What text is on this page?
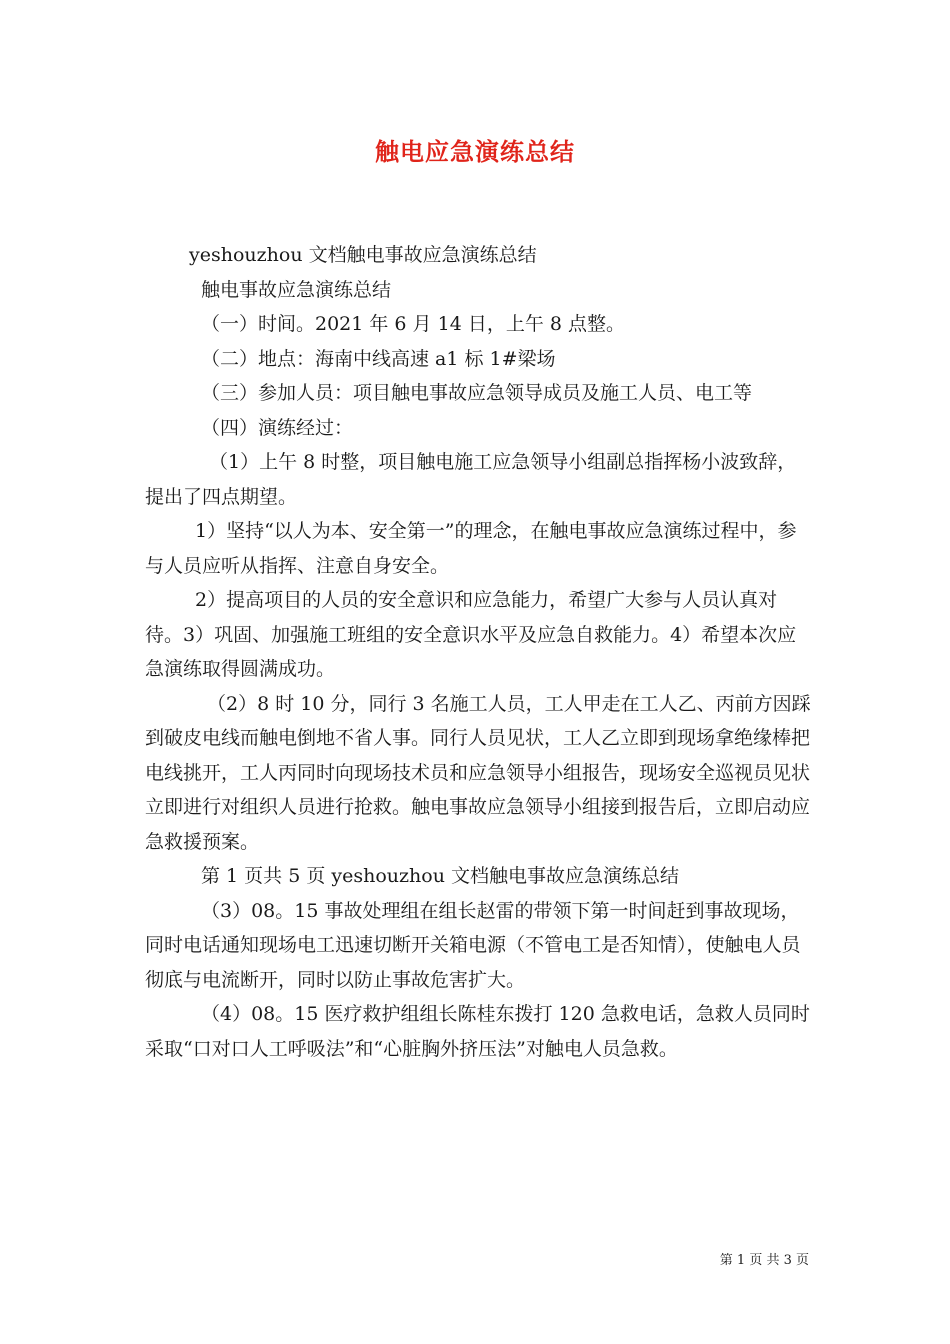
触电应急演练总结

yeshouzhou 文档触电事故应急演练总结

触电事故应急演练总结

（一）时间。2021 年 6 月 14 日，上午 8 点整。

（二）地点：海南中线高速 a1 标 1#梁场

（三）参加人员：项目触电事故应急领导成员及施工人员、电工等

（四）演练经过：

（1）上午 8 时整，项目触电施工应急领导小组副总指挥杨小波致辞，提出了四点期望。

1）坚持“以人为本、安全第一”的理念，在触电事故应急演练过程中，参与人员应听从指挥、注意自身安全。

2）提高项目的人员的安全意识和应急能力，希望广大参与人员认真对待。3）巩固、加强施工班组的安全意识水平及应急自救能力。4）希望本次应急演练取得圆满成功。

（2）8 时 10 分，同行 3 名施工人员，工人甲走在工人乙、丙前方因踩到破皮电线而触电倒地不省人事。同行人员见状，工人乙立即到现场拿绝缘棒把电线挑开，工人丙同时向现场技术员和应急领导小组报告，现场安全巡视员见状立即进行对组织人员进行抢救。触电事故应急领导小组接到报告后，立即启动应急救援预案。

第 1 页共 5 页 yeshouzhou 文档触电事故应急演练总结

（3）08。15 事故处理组在组长赵雷的带领下第一时间赶到事故现场，同时电话通知现场电工迅速切断开关箱电源（不管电工是否知情），使触电人员彻底与电流断开，同时以防止事故危害扩大。

（4）08。15 医疗救护组组长陈桂东拨打 120 急救电话，急救人员同时采取“口对口人工呼吸法”和“心脏胸外挤压法”对触电人员急救。

第 1 页 共 3 页
